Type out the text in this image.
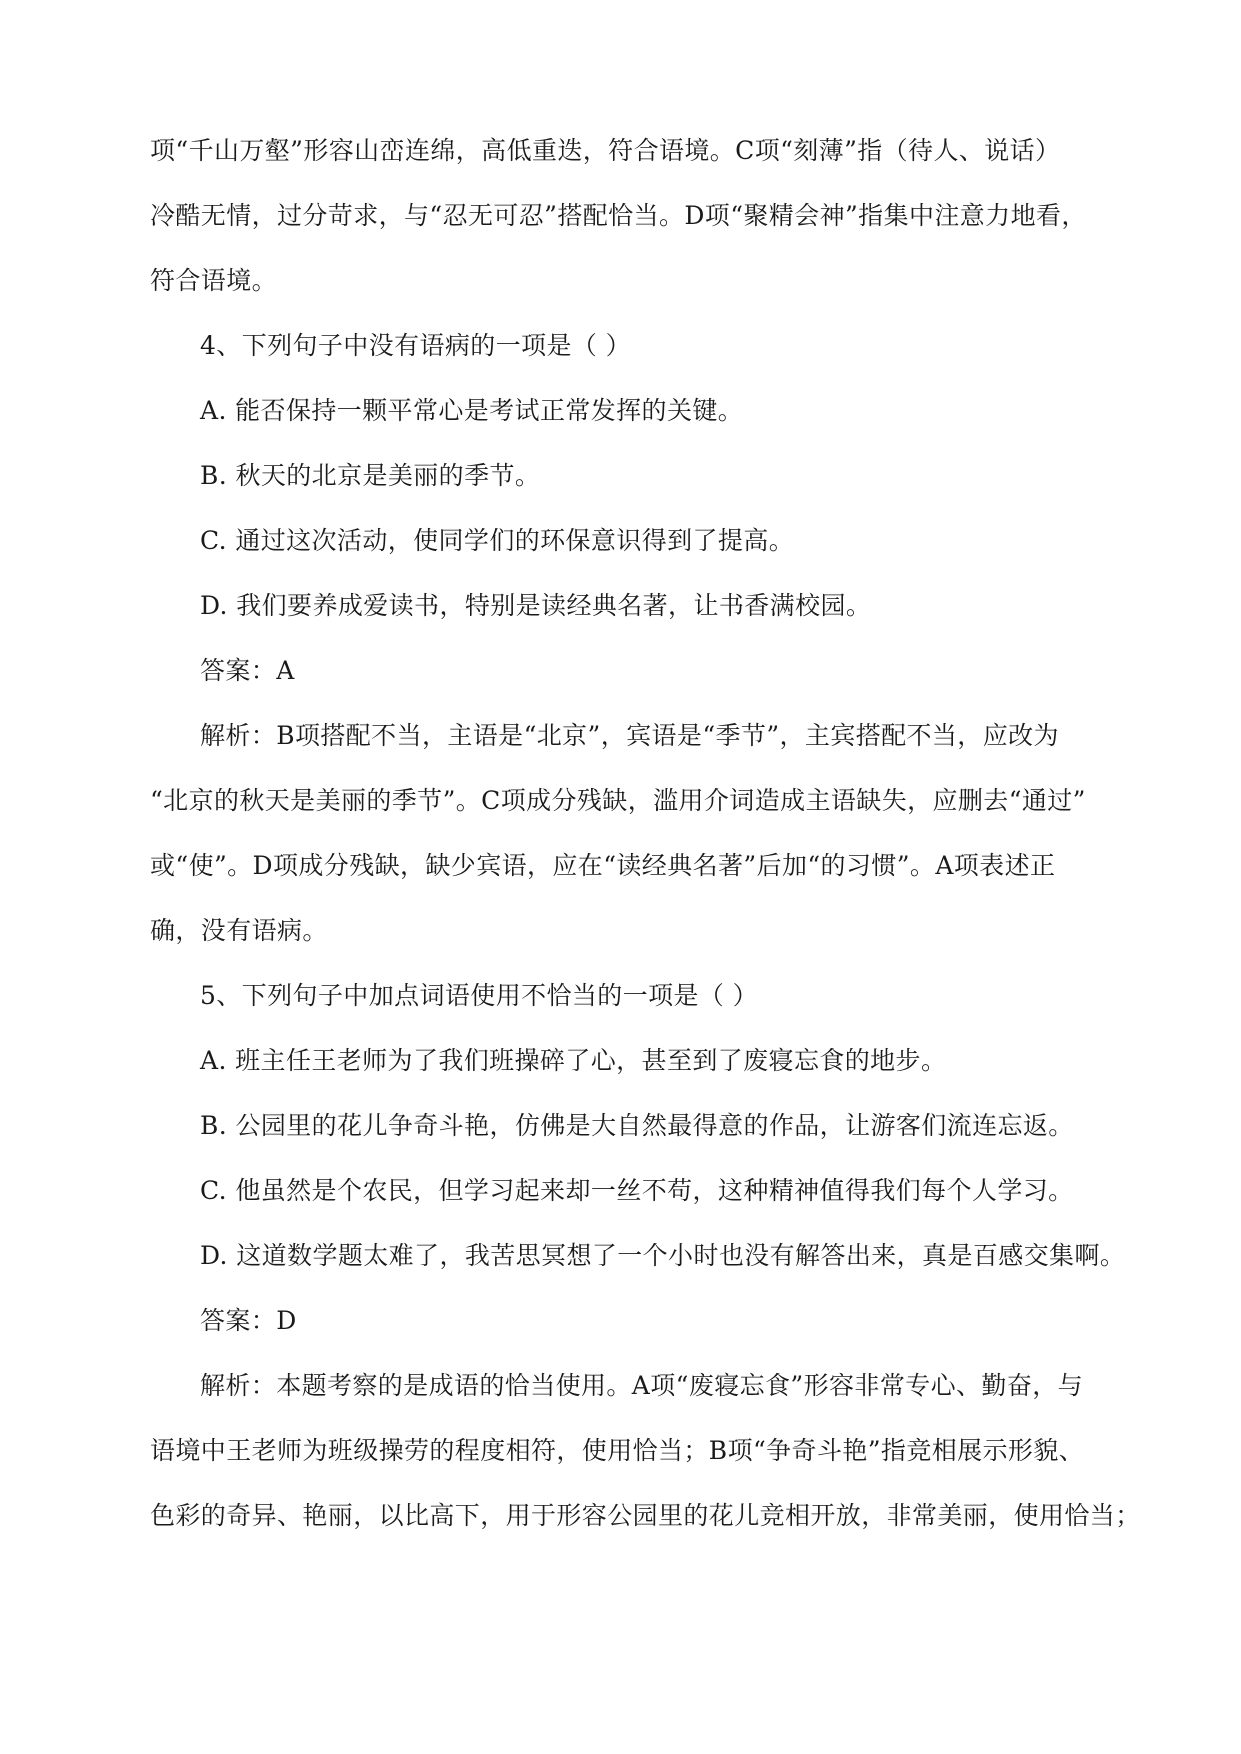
项“千山万壑”形容山峦连绵，高低重迭，符合语境。C项“刻薄”指（待人、说话）
冷酷无情，过分苛求，与“忍无可忍”搭配恰当。D项“聚精会神”指集中注意力地看，
符合语境。
4、下列句子中没有语病的一项是（ ）
A. 能否保持一颗平常心是考试正常发挥的关键。
B. 秋天的北京是美丽的季节。
C. 通过这次活动，使同学们的环保意识得到了提高。
D. 我们要养成爱读书，特别是读经典名著，让书香满校园。
答案：A
解析：B项搭配不当，主语是“北京”，宾语是“季节”，主宾搭配不当，应改为
“北京的秋天是美丽的季节”。C项成分残缺，滥用介词造成主语缺失，应删去“通过”
或“使”。D项成分残缺，缺少宾语，应在“读经典名著”后加“的习惯”。A项表述正
确，没有语病。
5、下列句子中加点词语使用不恰当的一项是（ ）
A. 班主任王老师为了我们班操碎了心，甚至到了废寝忘食的地步。
B. 公园里的花儿争奇斗艳，仿佛是大自然最得意的作品，让游客们流连忘返。
C. 他虽然是个农民，但学习起来却一丝不苟，这种精神值得我们每个人学习。
D. 这道数学题太难了，我苦思冥想了一个小时也没有解答出来，真是百感交集啊。
答案：D
解析：本题考察的是成语的恰当使用。A项“废寝忘食”形容非常专心、勤奋，与
语境中王老师为班级操劳的程度相符，使用恰当；B项“争奇斗艳”指竞相展示形貌、
色彩的奇异、艳丽，以比高下，用于形容公园里的花儿竞相开放，非常美丽，使用恰当；
